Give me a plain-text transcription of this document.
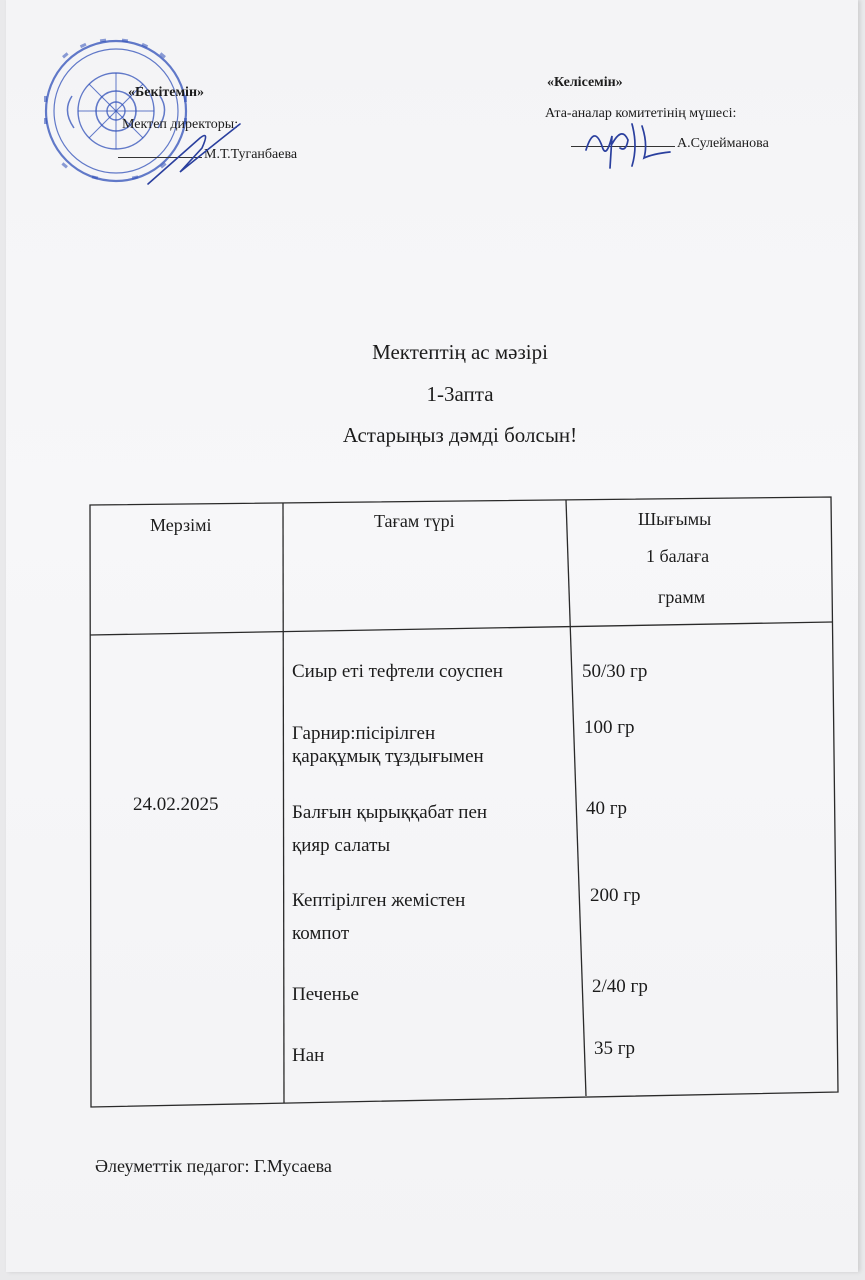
«Бекітемін»
Мектеп директоры:
М.Т.Туганбаева
«Келісемін»
Ата-аналар комитетінің мүшесі:
А.Сулейманова
Мектептің ас мәзірі
1-3апта
Астарыңыз дәмді болсын!
Мерзімі	Тағам түрі	Шығымы
1 балаға
грамм
24.02.2025
Сиыр еті тефтели соуспен	50/30 гр
Гарнир:пісірілген
қарақұмық тұздығымен
100 гр
Балғын қырыққабат пен
қияр салаты
40 гр
Кептірілген жемістен
компот
200 гр
Печенье	2/40 гр
Нан	35 гр
Әлеуметтік педагог: Г.Мусаева
